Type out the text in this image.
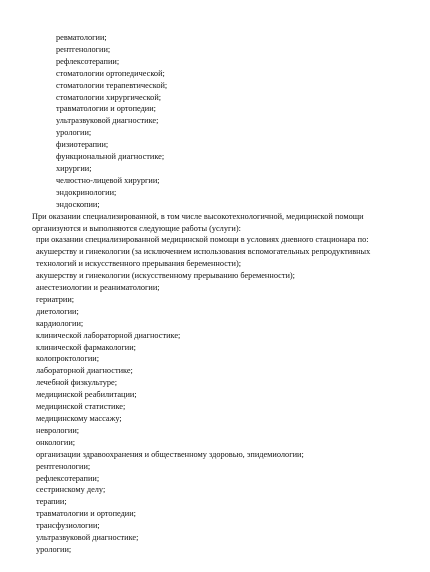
ревматологии;
рентгенологии;
рефлексотерапии;
стоматологии ортопедической;
стоматологии терапевтической;
стоматологии хирургической;
травматологии и ортопедии;
ультразвуковой диагностике;
урологии;
физиотерапии;
функциональной диагностике;
хирургии;
челюстно-лицевой хирургии;
эндокринологии;
эндоскопии;
При оказании специализированной, в том числе высокотехнологичной, медицинской помощи организуются и выполняются следующие работы (услуги):
при оказании специализированной медицинской помощи в условиях дневного стационара по:
акушерству и гинекологии (за исключением использования вспомогательных репродуктивных технологий и искусственного прерывания беременности);
акушерству и гинекологии (искусственному прерыванию беременности);
анестезиологии и реаниматологии;
гериатрии;
диетологии;
кардиологии;
клинической лабораторной диагностике;
клинической фармакологии;
колопроктологии;
лабораторной диагностике;
лечебной физкультуре;
медицинской реабилитации;
медицинской статистике;
медицинскому массажу;
неврологии;
онкологии;
организации здравоохранения и общественному здоровью, эпидемиологии;
рентгенологии;
рефлексотерапии;
сестринскому делу;
терапии;
травматологии и ортопедии;
трансфузиологии;
ультразвуковой диагностике;
урологии;
